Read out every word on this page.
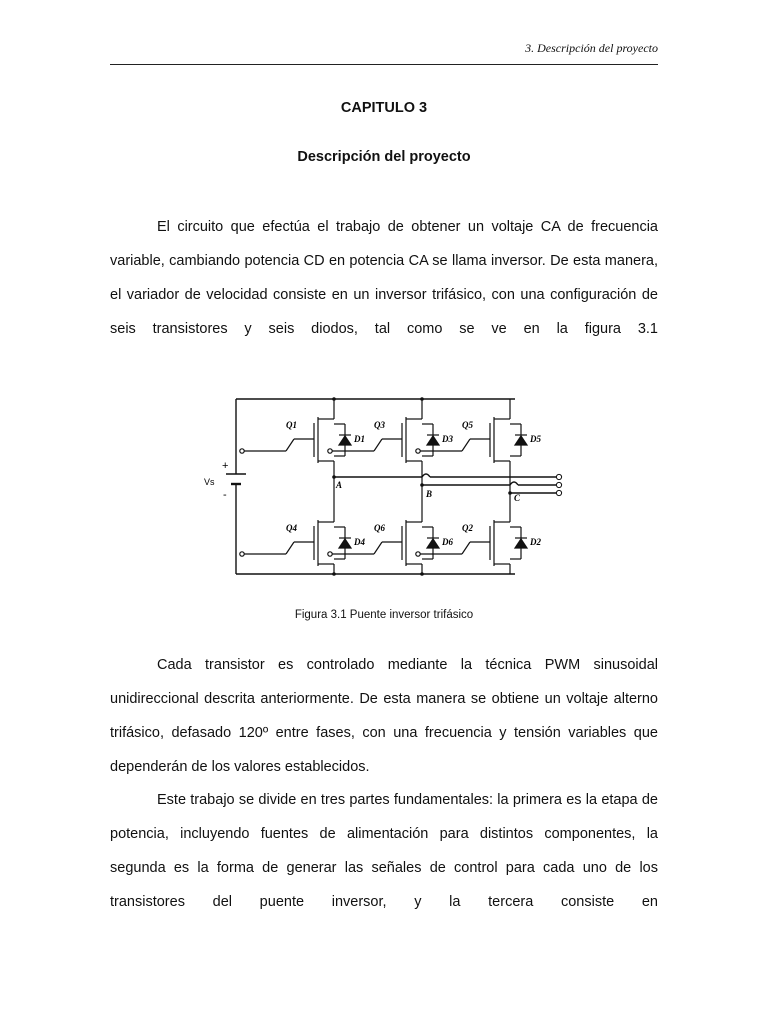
3. Descripción del proyecto
CAPITULO 3
Descripción del proyecto

El circuito que efectúa el trabajo de obtener un voltaje CA de frecuencia variable, cambiando potencia CD en potencia CA se llama inversor. De esta manera, el variador de velocidad consiste en un inversor trifásico, con una configuración de seis transistores y seis diodos, tal como se ve en la figura 3.1

Vs
+
-
A
B	C
Q1
D1
Q4
D4
Q3
D3
Q6
D6
Q5
D5
Q2
D2
Figura 3.1 Puente inversor trifásico

Cada transistor es controlado mediante la técnica PWM sinusoidal unidireccional descrita anteriormente. De esta manera se obtiene un voltaje alterno trifásico, defasado 120º entre fases, con una frecuencia y tensión variables que dependerán de los valores establecidos.

Este trabajo se divide en tres partes fundamentales: la primera es la etapa de potencia, incluyendo fuentes de alimentación para distintos componentes, la segunda es la forma de generar las señales de control para cada uno de los transistores del puente inversor, y la tercera consiste en
